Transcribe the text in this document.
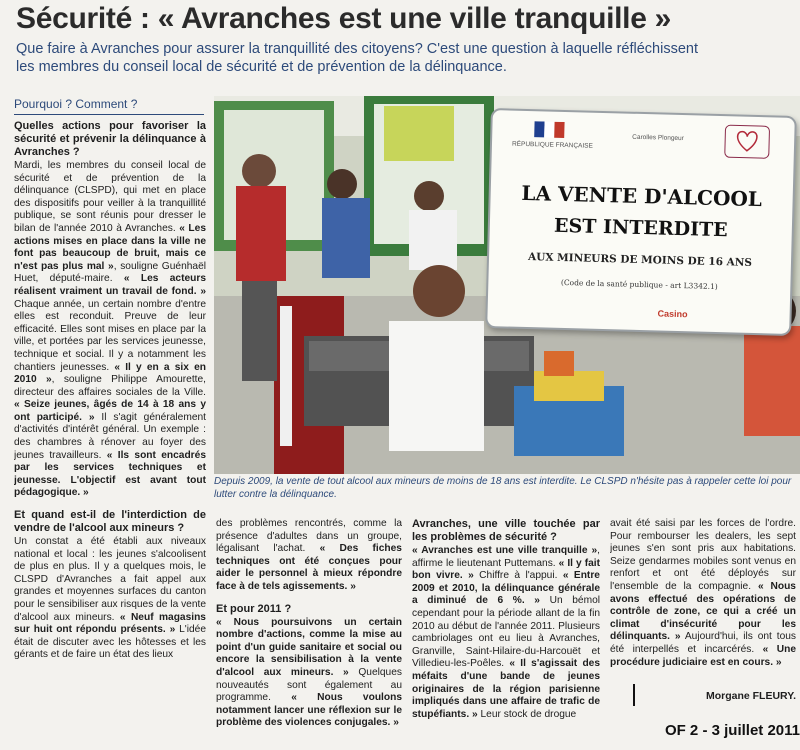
Sécurité : « Avranches est une ville tranquille »
Que faire à Avranches pour assurer la tranquillité des citoyens? C'est une question à laquelle réfléchissent les membres du conseil local de sécurité et de prévention de la délinquance.
Pourquoi ? Comment ?
Quelles actions pour favoriser la sécurité et prévenir la délinquance à Avranches ?

Mardi, les membres du conseil local de sécurité et de prévention de la délinquance (CLSPD), qui met en place des dispositifs pour veiller à la tranquillité publique, se sont réunis pour dresser le bilan de l'année 2010 à Avranches. « Les actions mises en place dans la ville ne font pas beaucoup de bruit, mais ce n'est pas plus mal », souligne Guénhaël Huet, député-maire. « Les acteurs réalisent vraiment un travail de fond. » Chaque année, un certain nombre d'entre elles est reconduit. Preuve de leur efficacité. Elles sont mises en place par la ville, et portées par les services jeunesse, technique et social. Il y a notamment les chantiers jeunesses. « Il y en a six en 2010 », souligne Philippe Amourette, directeur des affaires sociales de la Ville. « Seize jeunes, âgés de 14 à 18 ans y ont participé. » Il s'agit généralement d'activités d'intérêt général. Un exemple : des chambres à rénover au foyer des jeunes travailleurs. « Ils sont encadrés par les services techniques et jeunesse. L'objectif est avant tout pédagogique. »

Et quand est-il de l'interdiction de vendre de l'alcool aux mineurs ?

Un constat a été établi aux niveaux national et local : les jeunes s'alcoolisent de plus en plus. Il y a quelques mois, le CLSPD d'Avranches a fait appel aux grandes et moyennes surfaces du canton pour le sensibiliser aux risques de la vente d'alcool aux mineurs. « Neuf magasins sur huit ont répondu présents. » L'idée était de discuter avec les hôtesses et les gérants et de faire un état des lieux

RÉPUBLIQUE FRANÇAISE
Carolles Plongeur
LA VENTE D'ALCOOL
EST INTERDITE
AUX MINEURS DE MOINS DE 16 ANS
(Code de la santé publique - art L3342.1)
Casino
Depuis 2009, la vente de tout alcool aux mineurs de moins de 18 ans est interdite. Le CLSPD n'hésite pas à rappeler cette loi pour lutter contre la délinquance.

des problèmes rencontrés, comme la présence d'adultes dans un groupe, légalisant l'achat. « Des fiches techniques ont été conçues pour aider le personnel à mieux répondre face à de tels agissements. »

Et pour 2011 ?

« Nous poursuivons un certain nombre d'actions, comme la mise au point d'un guide sanitaire et social ou encore la sensibilisation à la vente d'alcool aux mineurs. » Quelques nouveautés sont également au programme. « Nous voulons notamment lancer une réflexion sur le problème des violences conjugales. »

Avranches, une ville touchée par les problèmes de sécurité ?

« Avranches est une ville tranquille », affirme le lieutenant Puttemans. « Il y fait bon vivre. » Chiffre à l'appui. « Entre 2009 et 2010, la délinquance générale a diminué de 6 %. » Un bémol cependant pour la période allant de la fin 2010 au début de l'année 2011. Plusieurs cambriolages ont eu lieu à Avranches, Granville, Saint-Hilaire-du-Harcouët et Villedieu-les-Poêles. « Il s'agissait des méfaits d'une bande de jeunes originaires de la région parisienne impliqués dans une affaire de trafic de stupéfiants. » Leur stock de drogue

avait été saisi par les forces de l'ordre. Pour rembourser les dealers, les sept jeunes s'en sont pris aux habitations. Seize gendarmes mobiles sont venus en renfort et ont été déployés sur l'ensemble de la compagnie. « Nous avons effectué des opérations de contrôle de zone, ce qui a créé un climat d'insécurité pour les délinquants. » Aujourd'hui, ils ont tous été interpellés et incarcérés. « Une procédure judiciaire est en cours. »

Morgane FLEURY.
OF 2 - 3 juillet 2011
